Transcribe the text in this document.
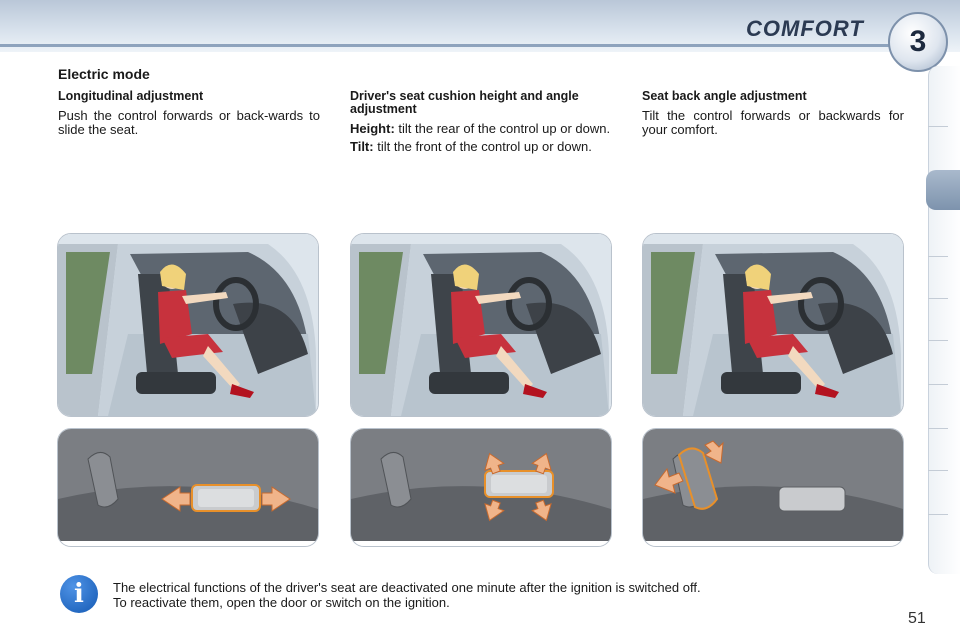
COMFORT	3
Electric mode
Longitudinal adjustment

Push the control forwards or back-wards to slide the seat.

Driver's seat cushion height and angle adjustment

Height: tilt the rear of the control up or down.

Tilt: tilt the front of the control up or down.

Seat back angle adjustment

Tilt the control forwards or backwards for your comfort.

i	The electrical functions of the driver's seat are deactivated one minute after the ignition is switched off.

To reactivate them, open the door or switch on the ignition.

51
